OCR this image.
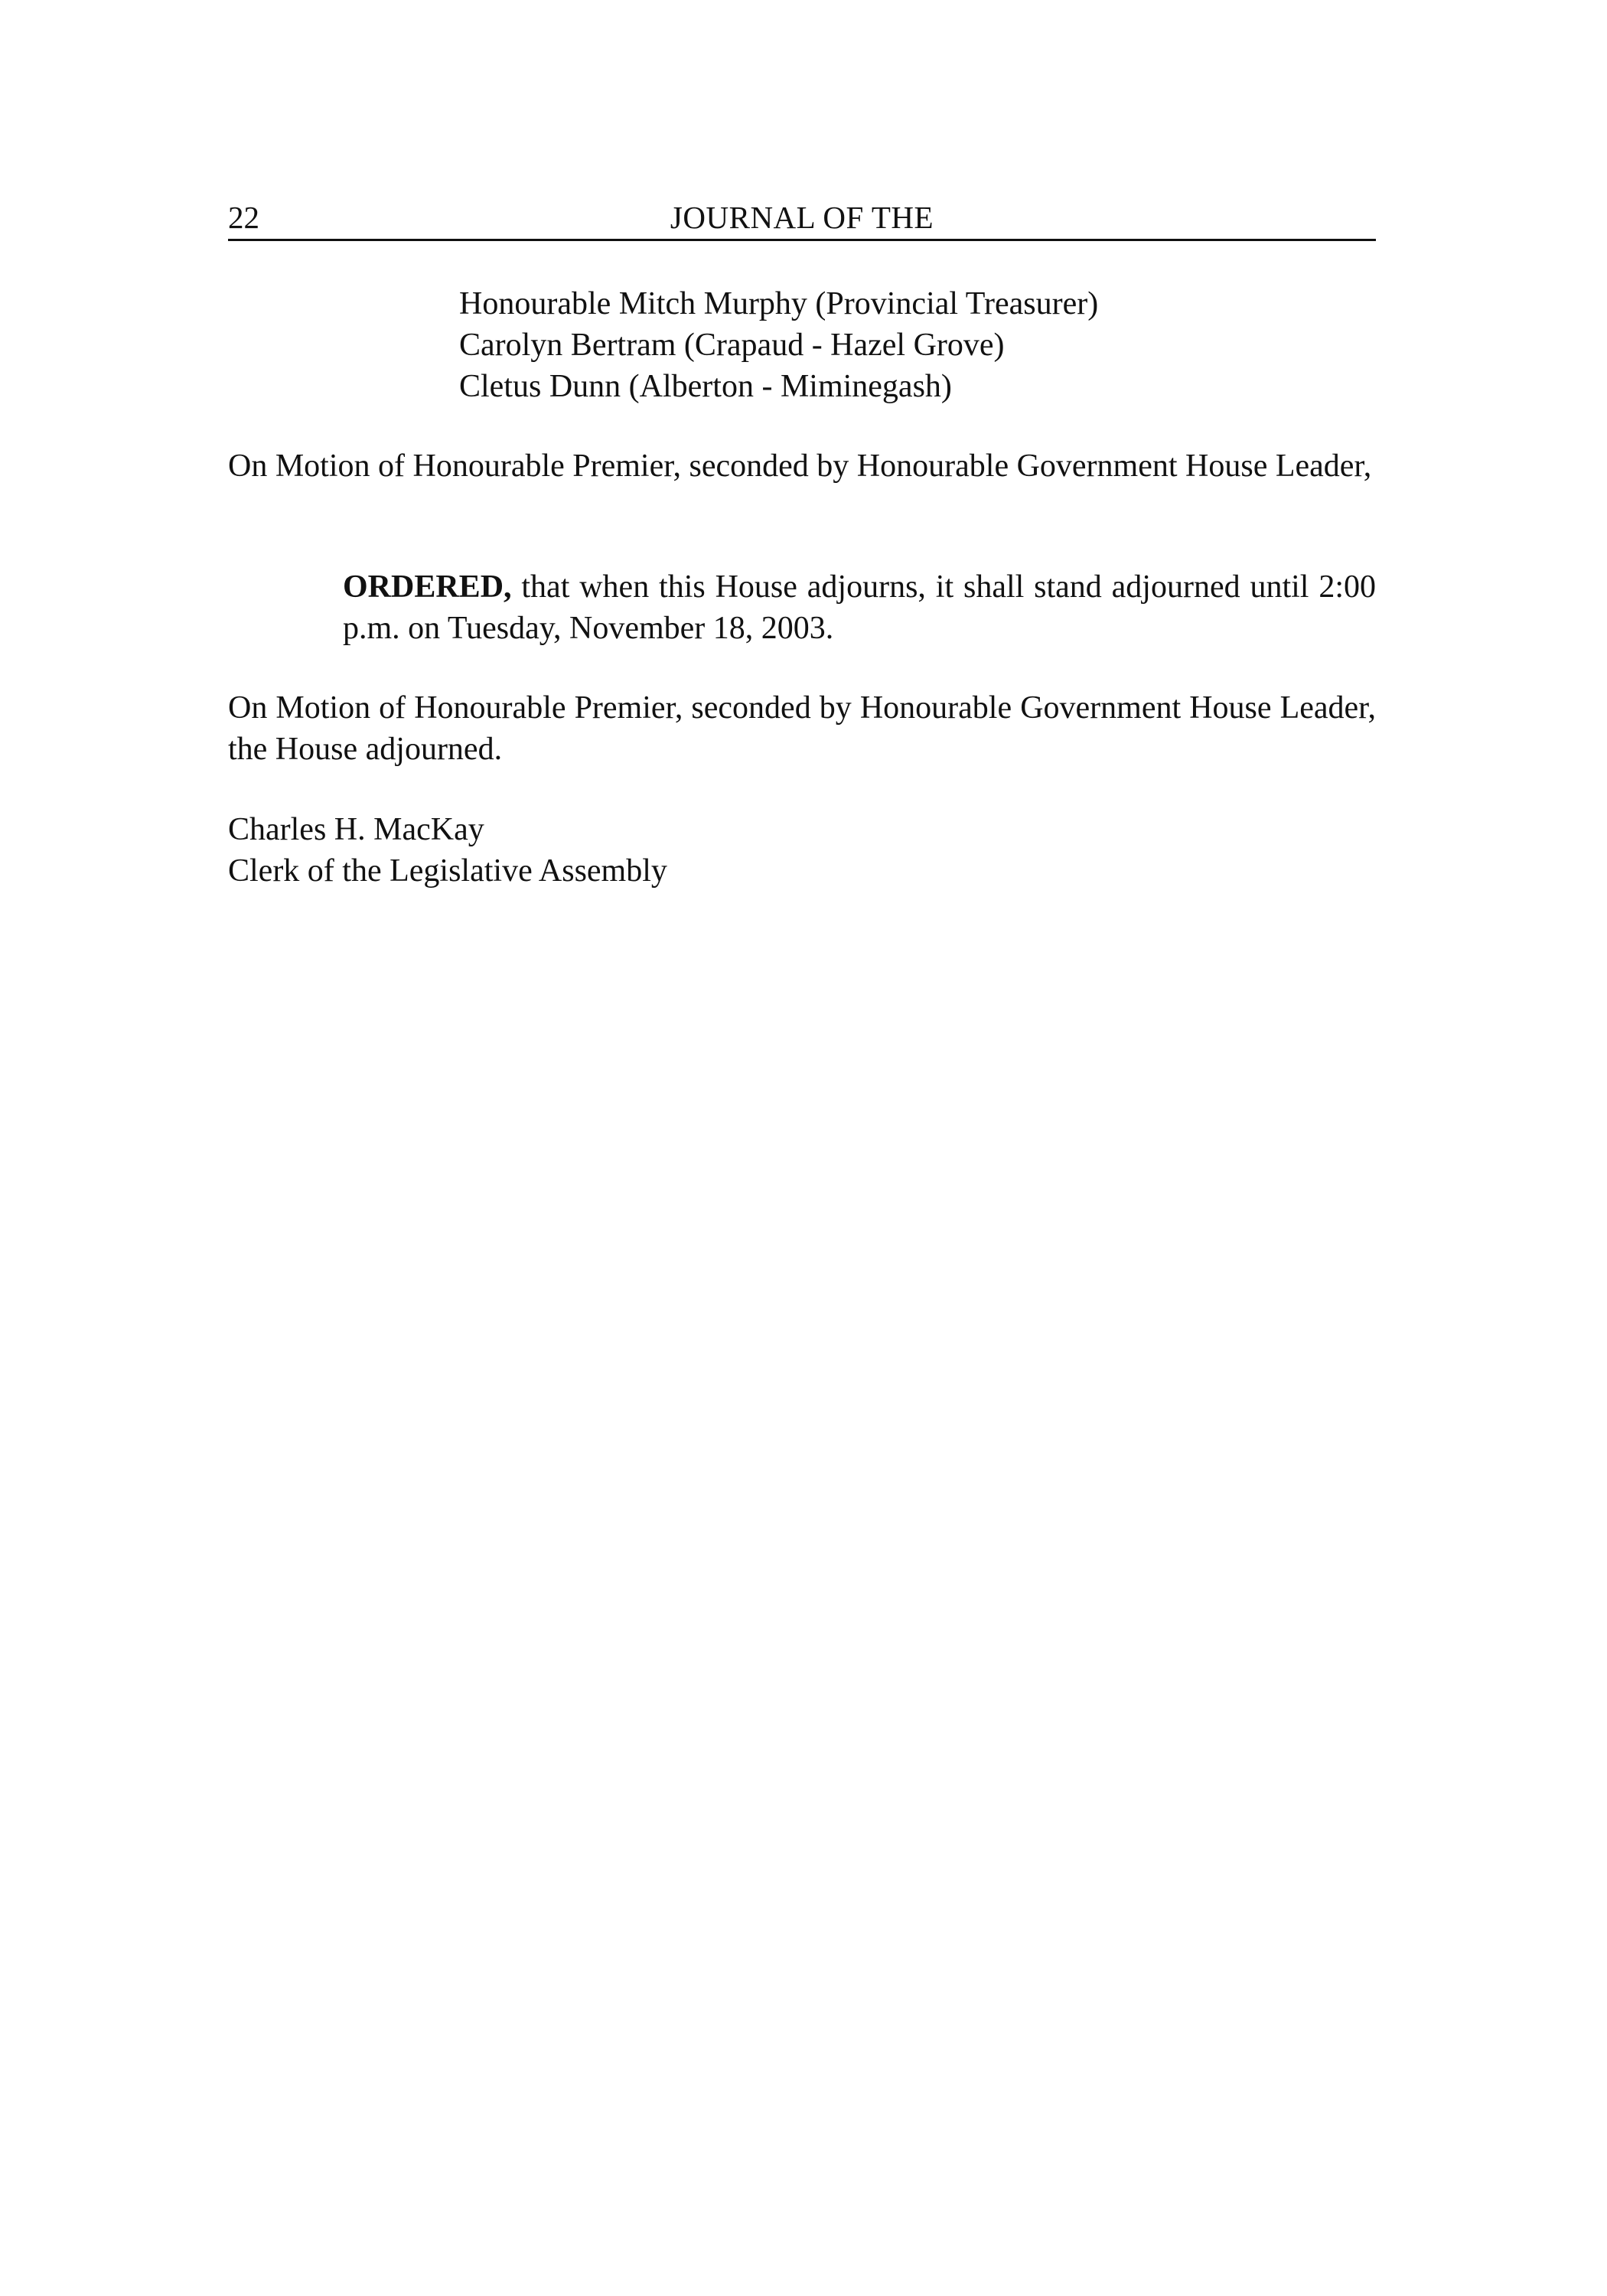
22	JOURNAL OF THE
Honourable Mitch Murphy (Provincial Treasurer)
Carolyn Bertram (Crapaud - Hazel Grove)
Cletus Dunn (Alberton - Miminegash)

On Motion of Honourable Premier, seconded by Honourable Government House Leader,

ORDERED, that when this House adjourns, it shall stand adjourned until 2:00 p.m. on Tuesday, November 18, 2003.

On Motion of Honourable Premier, seconded by Honourable Government House Leader, the House adjourned.

Charles H. MacKay
Clerk of the Legislative Assembly
